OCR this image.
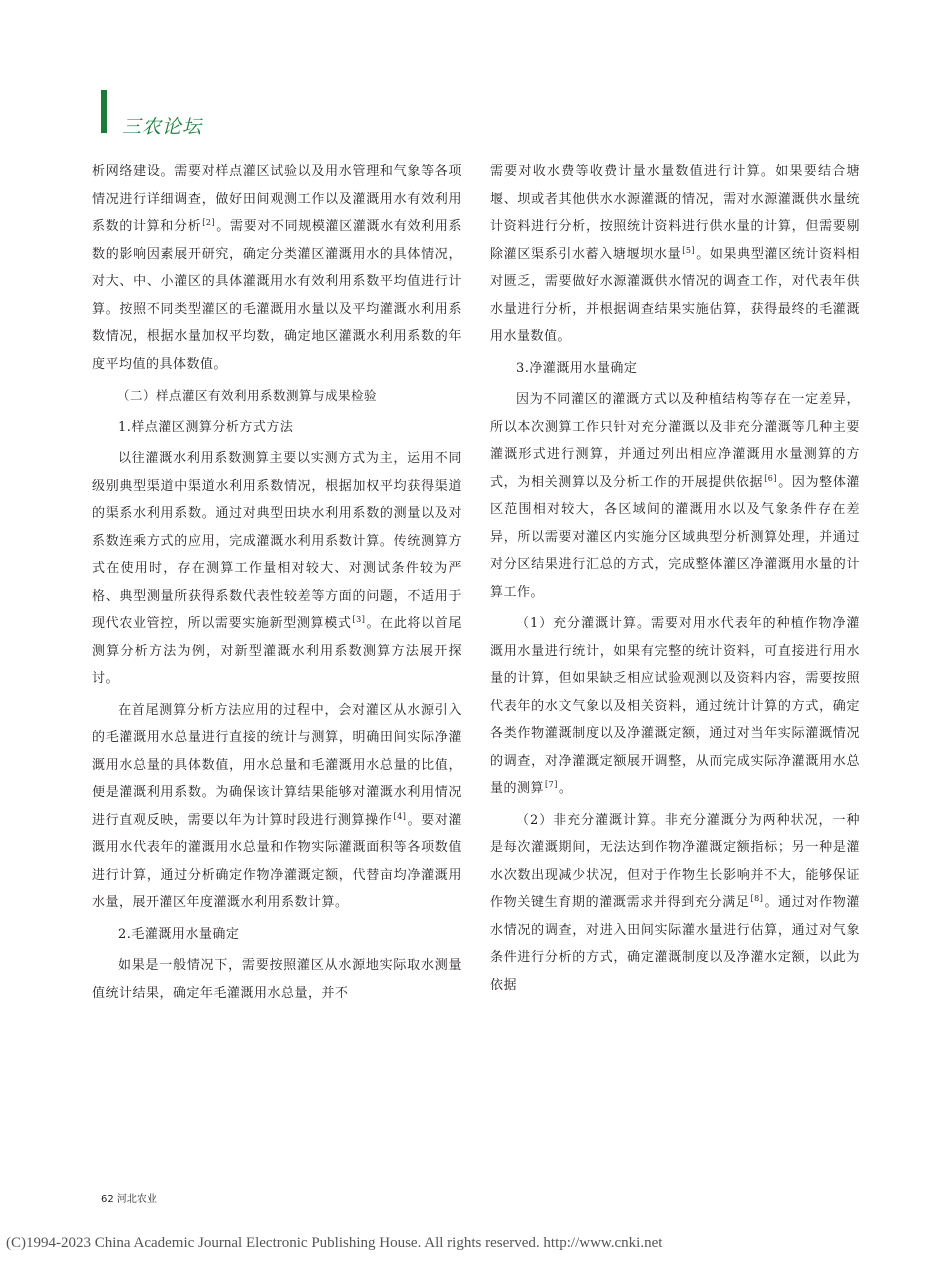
三农论坛

析网络建设。需要对样点灌区试验以及用水管理和气象等各项情况进行详细调查，做好田间观测工作以及灌溉用水有效利用系数的计算和分析[2]。需要对不同规模灌区灌溉水有效利用系数的影响因素展开研究，确定分类灌区灌溉用水的具体情况，对大、中、小灌区的具体灌溉用水有效利用系数平均值进行计算。按照不同类型灌区的毛灌溉用水量以及平均灌溉水利用系数情况，根据水量加权平均数，确定地区灌溉水利用系数的年度平均值的具体数值。

（二）样点灌区有效利用系数测算与成果检验

1.样点灌区测算分析方式方法

以往灌溉水利用系数测算主要以实测方式为主，运用不同级别典型渠道中渠道水利用系数情况，根据加权平均获得渠道的渠系水利用系数。通过对典型田块水利用系数的测量以及对系数连乘方式的应用，完成灌溉水利用系数计算。传统测算方式在使用时，存在测算工作量相对较大、对测试条件较为严格、典型测量所获得系数代表性较差等方面的问题，不适用于现代农业管控，所以需要实施新型测算模式[3]。在此将以首尾测算分析方法为例，对新型灌溉水利用系数测算方法展开探讨。

在首尾测算分析方法应用的过程中，会对灌区从水源引入的毛灌溉用水总量进行直接的统计与测算，明确田间实际净灌溉用水总量的具体数值，用水总量和毛灌溉用水总量的比值，便是灌溉利用系数。为确保该计算结果能够对灌溉水利用情况进行直观反映，需要以年为计算时段进行测算操作[4]。要对灌溉用水代表年的灌溉用水总量和作物实际灌溉面积等各项数值进行计算，通过分析确定作物净灌溉定额，代替亩均净灌溉用水量，展开灌区年度灌溉水利用系数计算。

2.毛灌溉用水量确定

如果是一般情况下，需要按照灌区从水源地实际取水测量值统计结果，确定年毛灌溉用水总量，并不

需要对收水费等收费计量水量数值进行计算。如果要结合塘堰、坝或者其他供水水源灌溉的情况，需对水源灌溉供水量统计资料进行分析，按照统计资料进行供水量的计算，但需要剔除灌区渠系引水蓄入塘堰坝水量[5]。如果典型灌区统计资料相对匮乏，需要做好水源灌溉供水情况的调查工作，对代表年供水量进行分析，并根据调查结果实施估算，获得最终的毛灌溉用水量数值。

3.净灌溉用水量确定

因为不同灌区的灌溉方式以及种植结构等存在一定差异，所以本次测算工作只针对充分灌溉以及非充分灌溉等几种主要灌溉形式进行测算，并通过列出相应净灌溉用水量测算的方式，为相关测算以及分析工作的开展提供依据[6]。因为整体灌区范围相对较大，各区域间的灌溉用水以及气象条件存在差异，所以需要对灌区内实施分区域典型分析测算处理，并通过对分区结果进行汇总的方式，完成整体灌区净灌溉用水量的计算工作。

（1）充分灌溉计算。需要对用水代表年的种植作物净灌溉用水量进行统计，如果有完整的统计资料，可直接进行用水量的计算，但如果缺乏相应试验观测以及资料内容，需要按照代表年的水文气象以及相关资料，通过统计计算的方式，确定各类作物灌溉制度以及净灌溉定额，通过对当年实际灌溉情况的调查，对净灌溉定额展开调整，从而完成实际净灌溉用水总量的测算[7]。

（2）非充分灌溉计算。非充分灌溉分为两种状况，一种是每次灌溉期间，无法达到作物净灌溉定额指标；另一种是灌水次数出现减少状况，但对于作物生长影响并不大，能够保证作物关键生育期的灌溉需求并得到充分满足[8]。通过对作物灌水情况的调查，对进入田间实际灌水量进行估算，通过对气象条件进行分析的方式，确定灌溉制度以及净灌水定额，以此为依据

62 河北农业
(C)1994-2023 China Academic Journal Electronic Publishing House. All rights reserved. http://www.cnki.net
